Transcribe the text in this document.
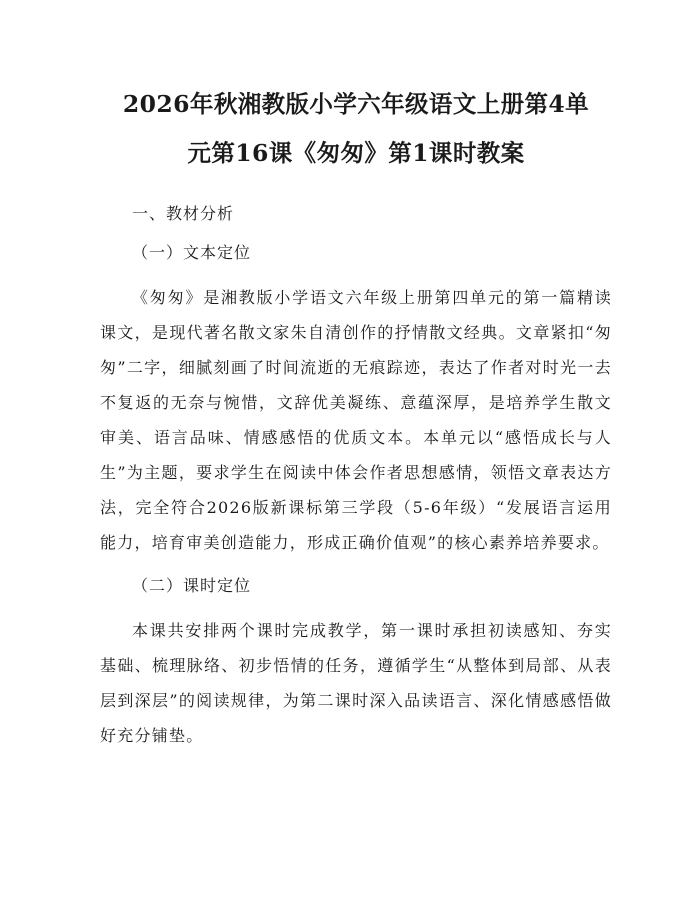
2026年秋湘教版小学六年级语文上册第4单
元第16课《匆匆》第1课时教案

一、教材分析

（一）文本定位

《匆匆》是湘教版小学语文六年级上册第四单元的第一篇精读课文，是现代著名散文家朱自清创作的抒情散文经典。文章紧扣“匆匆”二字，细腻刻画了时间流逝的无痕踪迹，表达了作者对时光一去不复返的无奈与惋惜，文辞优美凝练、意蕴深厚，是培养学生散文审美、语言品味、情感感悟的优质文本。本单元以“感悟成长与人生”为主题，要求学生在阅读中体会作者思想感情，领悟文章表达方法，完全符合2026版新课标第三学段（5-6年级）“发展语言运用能力，培育审美创造能力，形成正确价值观”的核心素养培养要求。

（二）课时定位

本课共安排两个课时完成教学，第一课时承担初读感知、夯实基础、梳理脉络、初步悟情的任务，遵循学生“从整体到局部、从表层到深层”的阅读规律，为第二课时深入品读语言、深化情感感悟做好充分铺垫。
